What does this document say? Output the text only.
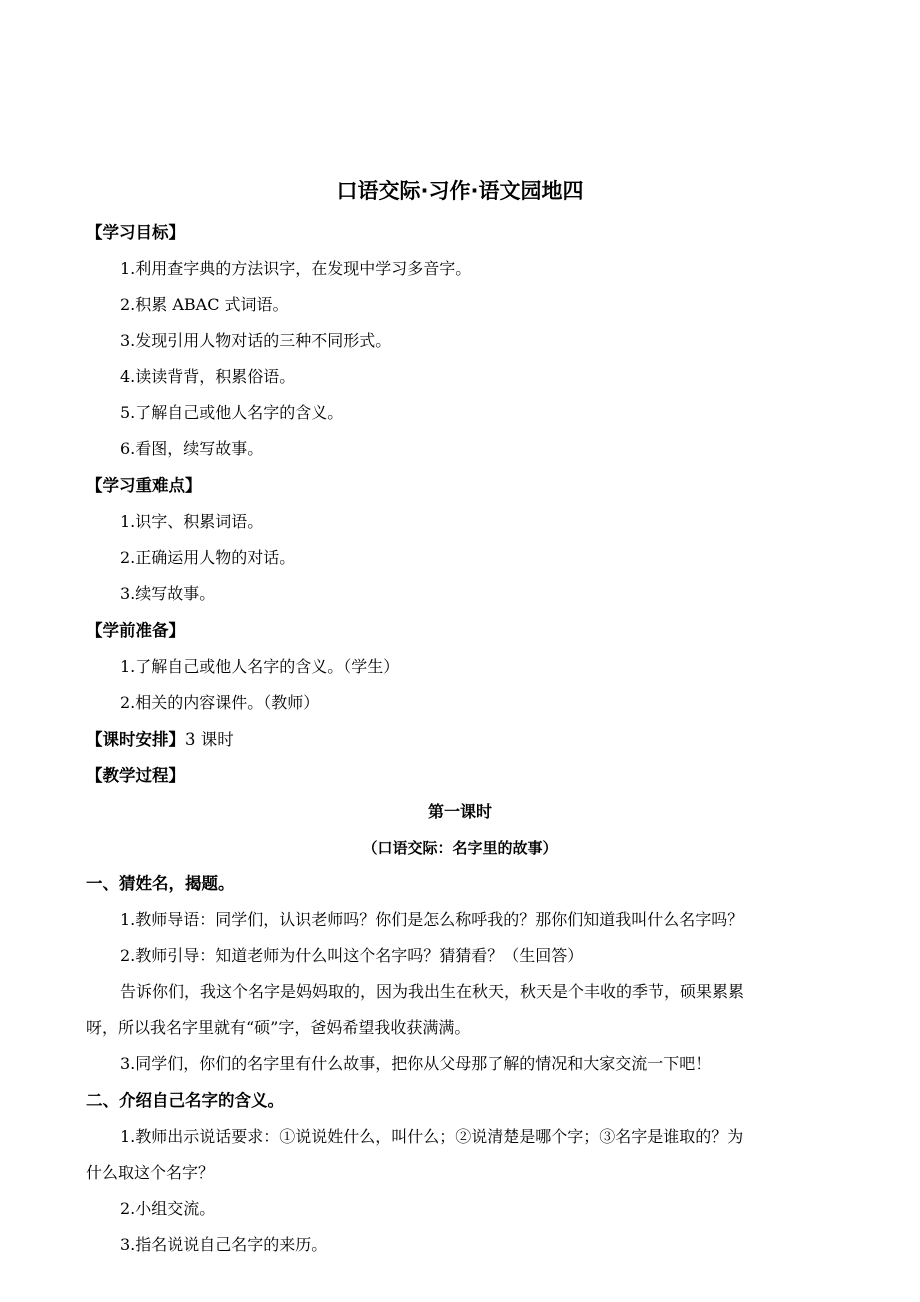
口语交际·习作·语文园地四
【学习目标】
1.利用查字典的方法识字，在发现中学习多音字。
2.积累 ABAC 式词语。
3.发现引用人物对话的三种不同形式。
4.读读背背，积累俗语。
5.了解自己或他人名字的含义。
6.看图，续写故事。
【学习重难点】
1.识字、积累词语。
2.正确运用人物的对话。
3.续写故事。
【学前准备】
1.了解自己或他人名字的含义。（学生）
2.相关的内容课件。（教师）
【课时安排】3 课时
【教学过程】
第一课时
（口语交际：名字里的故事）
一、猜姓名，揭题。
1.教师导语：同学们，认识老师吗？你们是怎么称呼我的？那你们知道我叫什么名字吗？
2.教师引导：知道老师为什么叫这个名字吗？猜猜看？（生回答）
告诉你们，我这个名字是妈妈取的，因为我出生在秋天，秋天是个丰收的季节，硕果累累
呀，所以我名字里就有“硕”字，爸妈希望我收获满满。
3.同学们，你们的名字里有什么故事，把你从父母那了解的情况和大家交流一下吧！
二、介绍自己名字的含义。
1.教师出示说话要求：①说说姓什么，叫什么；②说清楚是哪个字；③名字是谁取的？为
什么取这个名字？
2.小组交流。
3.指名说说自己名字的来历。
